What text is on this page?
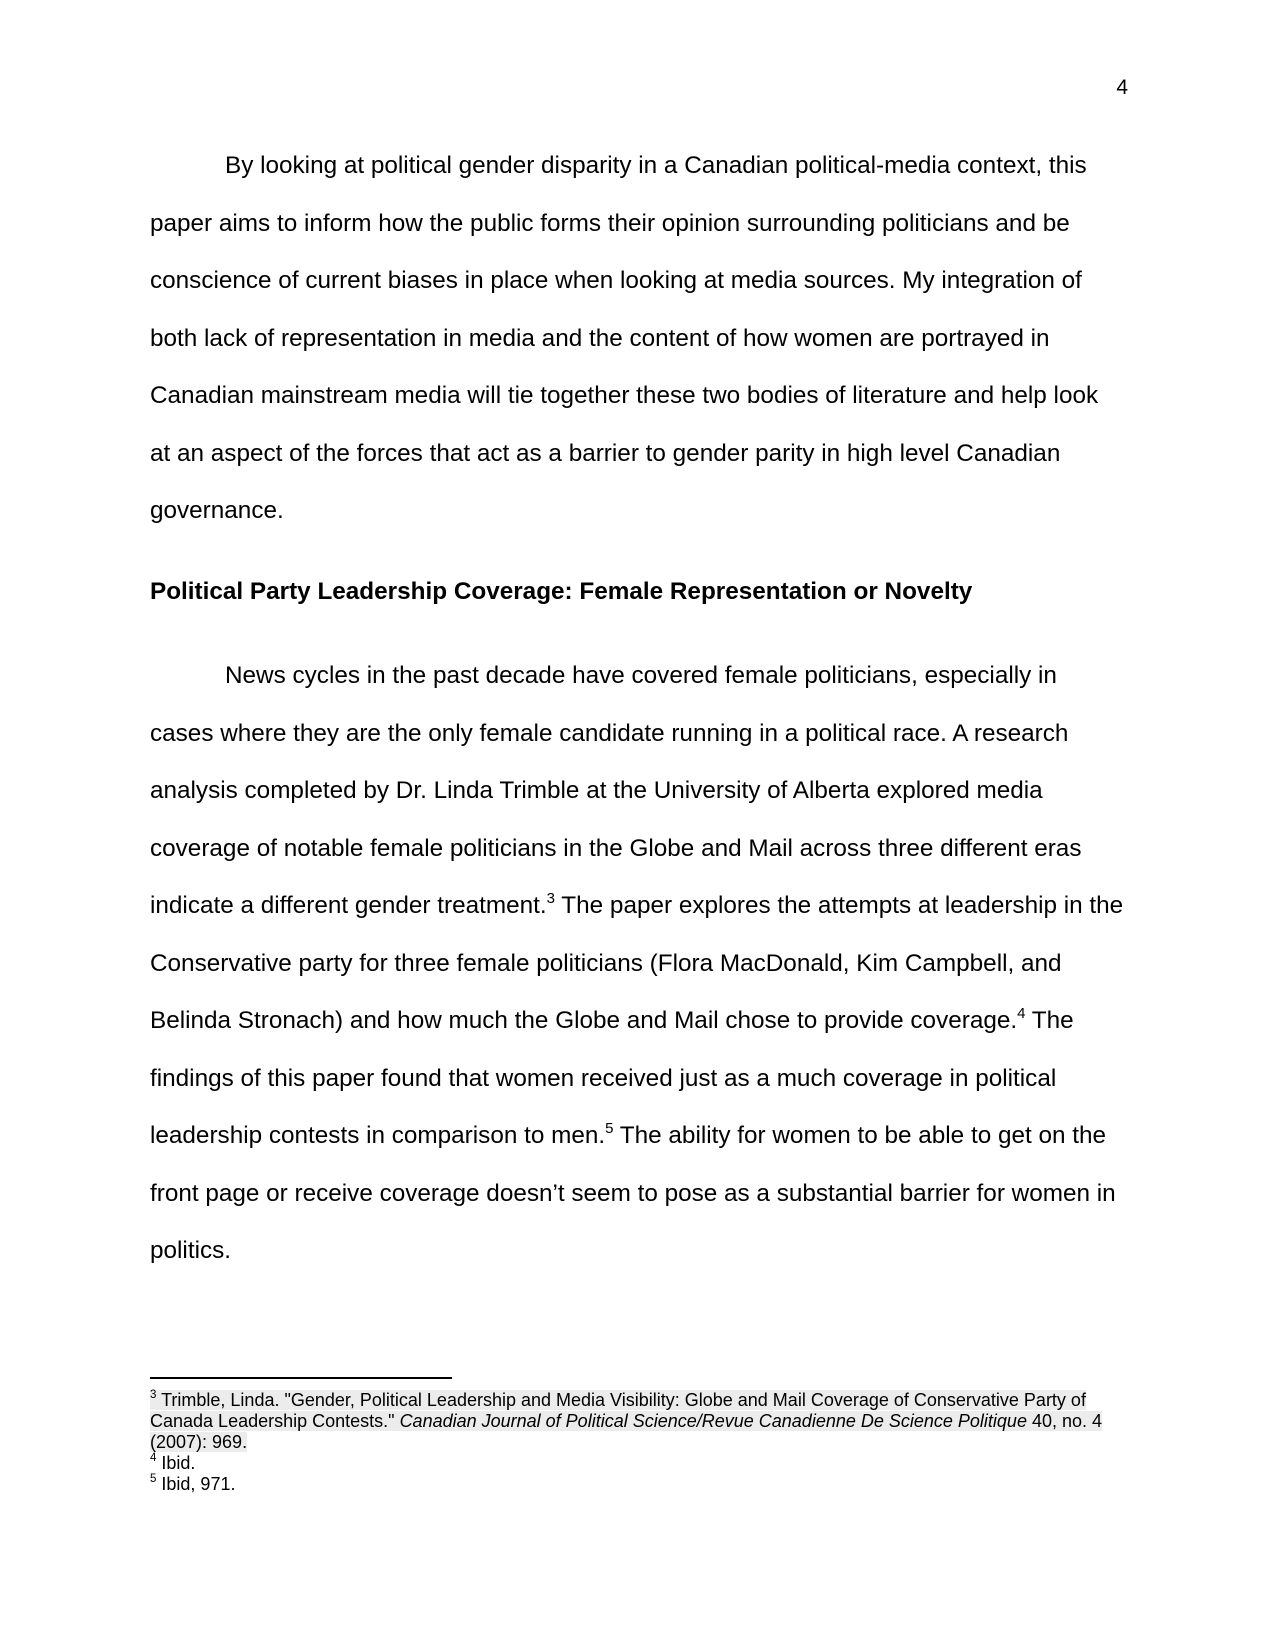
4

By looking at political gender disparity in a Canadian political-media context, this paper aims to inform how the public forms their opinion surrounding politicians and be conscience of current biases in place when looking at media sources. My integration of both lack of representation in media and the content of how women are portrayed in Canadian mainstream media will tie together these two bodies of literature and help look at an aspect of the forces that act as a barrier to gender parity in high level Canadian governance.

Political Party Leadership Coverage: Female Representation or Novelty

News cycles in the past decade have covered female politicians, especially in cases where they are the only female candidate running in a political race. A research analysis completed by Dr. Linda Trimble at the University of Alberta explored media coverage of notable female politicians in the Globe and Mail across three different eras indicate a different gender treatment.$^3$ The paper explores the attempts at leadership in the Conservative party for three female politicians (Flora MacDonald, Kim Campbell, and Belinda Stronach) and how much the Globe and Mail chose to provide coverage.$^4$ The findings of this paper found that women received just as a much coverage in political leadership contests in comparison to men.$^5$ The ability for women to be able to get on the front page or receive coverage doesn’t seem to pose as a substantial barrier for women in politics.

$^3$ Trimble, Linda. "Gender, Political Leadership and Media Visibility: Globe and Mail Coverage of Conservative Party of Canada Leadership Contests." Canadian Journal of Political Science/Revue Canadienne De Science Politique 40, no. 4 (2007): 969.

$^4$ Ibid.

$^5$ Ibid, 971.
